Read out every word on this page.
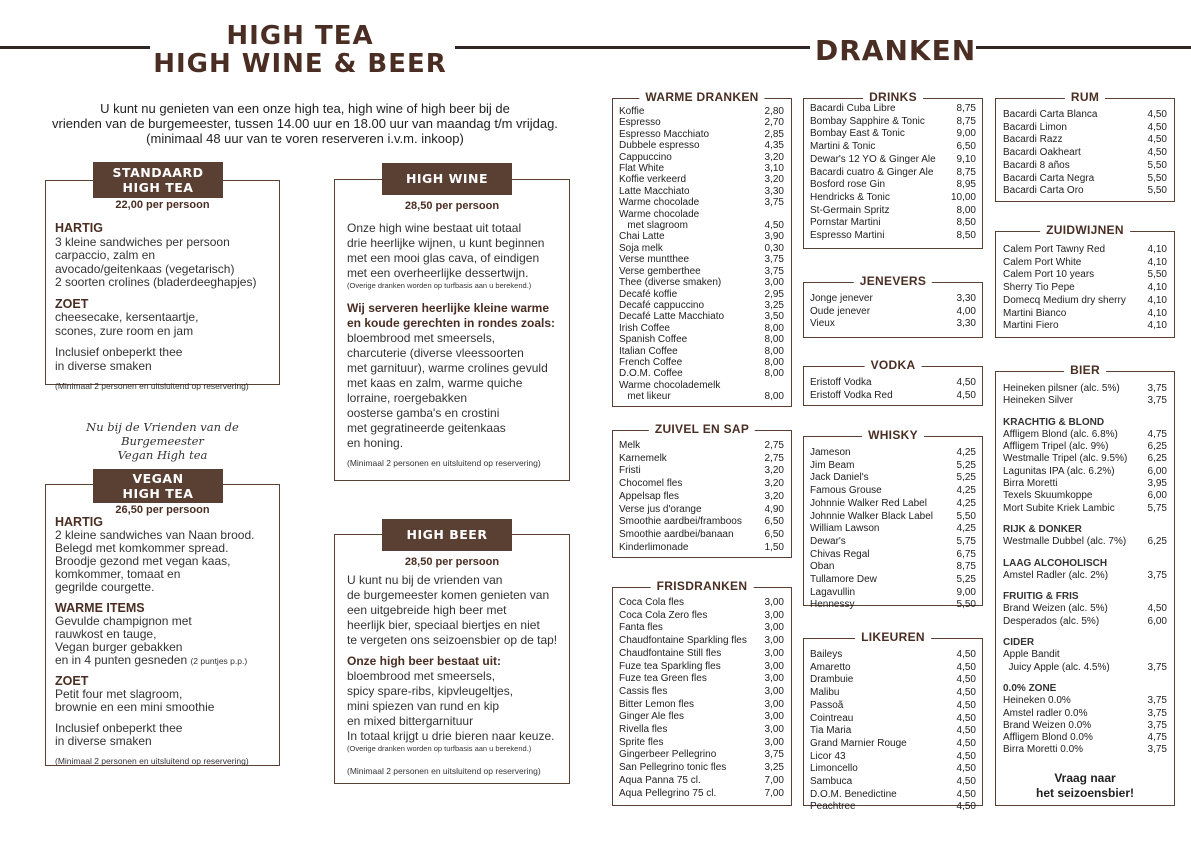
HIGH TEA
HIGH WINE & BEER	DRANKEN
U kunt nu genieten van een onze high tea, high wine of high beer bij de
vrienden van de burgemeester, tussen 14.00 uur en 18.00 uur van maandag t/m vrijdag.
(minimaal 48 uur van te voren reserveren i.v.m. inkoop)
STANDAARD
HIGH TEA
22,00 per persoon
HARTIG
3 kleine sandwiches per persoon
carpaccio, zalm en
avocado/geitenkaas (vegetarisch)
2 soorten crolines (bladerdeeghapjes)
ZOET
cheesecake, kersentaartje,
scones, zure room en jam
Inclusief onbeperkt thee
in diverse smaken
(Minimaal 2 personen en uitsluitend op reservering)
Nu bij de Vrienden van de Burgemeester
Vegan High tea
VEGAN
HIGH TEA
26,50 per persoon
HARTIG
2 kleine sandwiches van Naan brood.
Belegd met komkommer spread.
Broodje gezond met vegan kaas,
komkommer, tomaat en
gegrilde courgette.
WARME ITEMS
Gevulde champignon met
rauwkost en tauge,
Vegan burger gebakken
en in 4 punten gesneden (2 puntjes p.p.)
ZOET
Petit four met slagroom,
brownie en een mini smoothie
Inclusief onbeperkt thee
in diverse smaken
(Minimaal 2 personen en uitsluitend op reservering)
HIGH WINE
28,50 per persoon
Onze high wine bestaat uit totaal
drie heerlijke wijnen, u kunt beginnen
met een mooi glas cava, of eindigen
met een overheerlijke dessertwijn.
(Overige dranken worden op turfbasis aan u berekend.)
Wij serveren heerlijke kleine warme
en koude gerechten in rondes zoals:
bloembrood met smeersels,
charcuterie (diverse vleessoorten
met garnituur), warme crolines gevuld
met kaas en zalm, warme quiche
lorraine, roergebakken
oosterse gamba's en crostini
met gegratineerde geitenkaas
en honing.
(Minimaal 2 personen en uitsluitend op reservering)
HIGH BEER
28,50 per persoon
U kunt nu bij de vrienden van
de burgemeester komen genieten van
een uitgebreide high beer met
heerlijk bier, speciaal biertjes en niet
te vergeten ons seizoensbier op de tap!
Onze high beer bestaat uit:
bloembrood met smeersels,
spicy spare-ribs, kipvleugeltjes,
mini spiezen van rund en kip
en mixed bittergarnituur
In totaal krijgt u drie bieren naar keuze.
(Overige dranken worden op turfbasis aan u berekend.)
(Minimaal 2 personen en uitsluitend op reservering)
WARME DRANKEN
Koffie	2,80
Espresso	2,70
Espresso Macchiato	2,85
Dubbele espresso	4,35
Cappuccino	3,20
Flat White	3,10
Koffie verkeerd	3,20
Latte Macchiato	3,30
Warme chocolade	3,75
Warme chocolade
met slagroom	4,50
Chai Latte	3,90
Soja melk	0,30
Verse muntthee	3,75
Verse gemberthee	3,75
Thee (diverse smaken)	3,00
Decafé koffie	2,95
Decafé cappuccino	3,25
Decafé Latte Macchiato	3,50
Irish Coffee	8,00
Spanish Coffee	8,00
Italian Coffee	8,00
French Coffee	8,00
D.O.M. Coffee	8,00
Warme chocolademelk
met likeur	8,00
ZUIVEL EN SAP
Melk	2,75
Karnemelk	2,75
Fristi	3,20
Chocomel fles	3,20
Appelsap fles	3,20
Verse jus d'orange	4,90
Smoothie aardbei/framboos 6,50
Smoothie aardbei/banaan	6,50
Kinderlimonade	1,50
FRISDRANKEN
Coca Cola fles	3,00
Coca Cola Zero fles	3,00
Fanta fles	3,00
Chaudfontaine Sparkling fles 3,00
Chaudfontaine Still fles	3,00
Fuze tea Sparkling fles	3,00
Fuze tea Green fles	3,00
Cassis fles	3,00
Bitter Lemon fles	3,00
Ginger Ale fles	3,00
Rivella fles	3,00
Sprite fles	3,00
Gingerbeer Pellegrino	3,75
San Pellegrino tonic fles	3,25
Aqua Panna 75 cl.	7,00
Aqua Pellegrino 75 cl.	7,00
DRINKS
Bacardi Cuba Libre	8,75
Bombay Sapphire & Tonic	8,75
Bombay East & Tonic	9,00
Martini & Tonic	6,50
Dewar's 12 YO & Ginger Ale 9,10
Bacardi cuatro & Ginger Ale 8,75
Bosford rose Gin	8,95
Hendricks & Tonic	10,00
St-Germain Spritz	8,00
Pornstar Martini	8,50
Espresso Martini	8,50
JENEVERS
Jonge jenever	3,30
Oude jenever	4,00
Vieux	3,30
VODKA
Eristoff Vodka	4,50
Eristoff Vodka Red	4,50
WHISKY
Jameson	4,25
Jim Beam	5,25
Jack Daniel's	5,25
Famous Grouse	4,25
Johnnie Walker Red Label	4,25
Johnnie Walker Black Label 5,50
William Lawson	4,25
Dewar's	5,75
Chivas Regal	6,75
Oban	8,75
Tullamore Dew	5,25
Lagavullin	9,00
Hennessy	5,50
LIKEUREN
Baileys	4,50
Amaretto	4,50
Drambuie	4,50
Malibu	4,50
Passoã	4,50
Cointreau	4,50
Tia Maria	4,50
Grand Marnier Rouge	4,50
Licor 43	4,50
Limoncello	4,50
Sambuca	4,50
D.O.M. Benedictine	4,50
Peachtree	4,50
RUM
Bacardi Carta Blanca	4,50
Bacardi Limon	4,50
Bacardi Razz	4,50
Bacardi Oakheart	4,50
Bacardi 8 años	5,50
Bacardi Carta Negra	5,50
Bacardi Carta Oro	5,50
ZUIDWIJNEN
Calem Port Tawny Red	4,10
Calem Port White	4,10
Calem Port 10 years	5,50
Sherry Tio Pepe	4,10
Domecq Medium dry sherry 4,10
Martini Bianco	4,10
Martini Fiero	4,10
BIER
Heineken pilsner (alc. 5%)	3,75
Heineken Silver	3,75
KRACHTIG & BLOND
Affligem Blond (alc. 6.8%)	4,75
Affligem Tripel (alc. 9%)	6,25
Westmalle Tripel (alc. 9.5%) 6,25
Lagunitas IPA (alc. 6.2%)	6,00
Birra Moretti	3,95
Texels Skuumkoppe	6,00
Mort Subite Kriek Lambic	5,75
RIJK & DONKER
Westmalle Dubbel (alc. 7%) 6,25
LAAG ALCOHOLISCH
Amstel Radler (alc. 2%)	3,75
FRUITIG & FRIS
Brand Weizen (alc. 5%)	4,50
Desperados (alc. 5%)	6,00
CIDER
Apple Bandit
Juicy Apple (alc. 4.5%)	3,75
0.0% ZONE
Heineken 0.0%	3,75
Amstel radler 0.0%	3,75
Brand Weizen 0.0%	3,75
Affligem Blond 0.0%	4,75
Birra Moretti 0.0%	3,75
Vraag naar
het seizoensbier!
